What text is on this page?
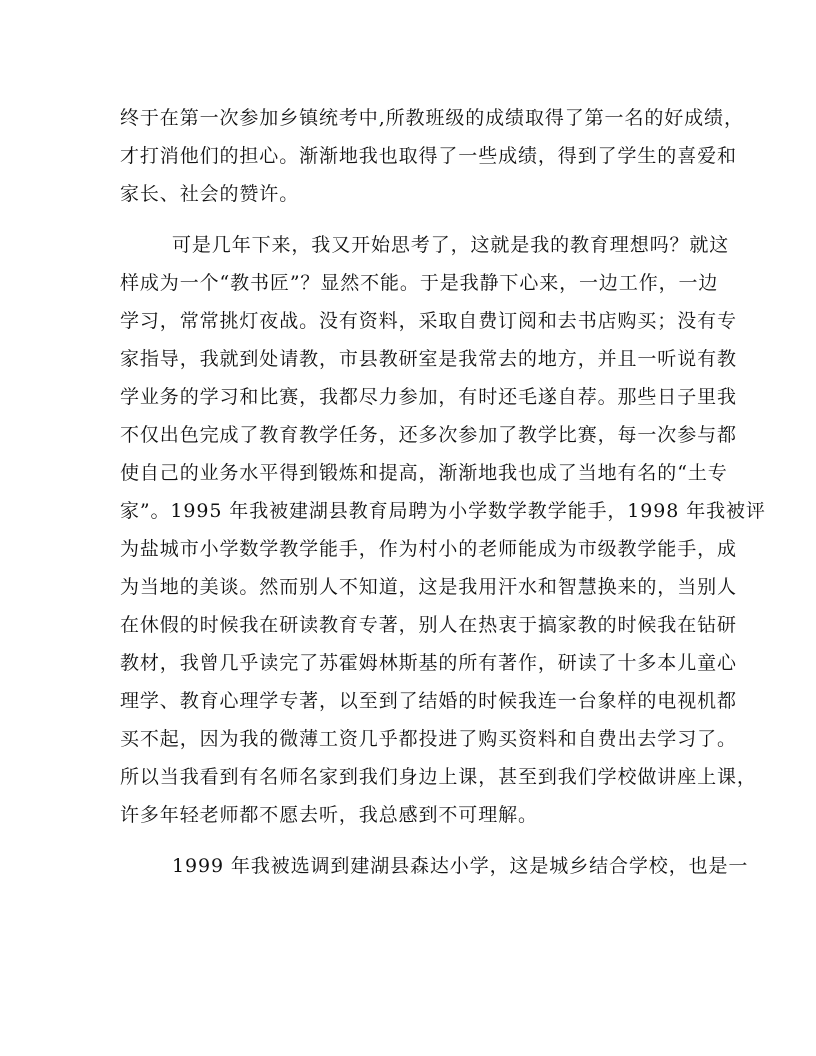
终于在第一次参加乡镇统考中,所教班级的成绩取得了第一名的好成绩，
才打消他们的担心。渐渐地我也取得了一些成绩，得到了学生的喜爱和
家长、社会的赞许。
可是几年下来，我又开始思考了，这就是我的教育理想吗？就这
样成为一个“教书匠”？显然不能。于是我静下心来，一边工作，一边
学习，常常挑灯夜战。没有资料，采取自费订阅和去书店购买；没有专
家指导，我就到处请教，市县教研室是我常去的地方，并且一听说有教
学业务的学习和比赛，我都尽力参加，有时还毛遂自荐。那些日子里我
不仅出色完成了教育教学任务，还多次参加了教学比赛，每一次参与都
使自己的业务水平得到锻炼和提高，渐渐地我也成了当地有名的“土专
家”。1995 年我被建湖县教育局聘为小学数学教学能手，1998 年我被评
为盐城市小学数学教学能手，作为村小的老师能成为市级教学能手，成
为当地的美谈。然而别人不知道，这是我用汗水和智慧换来的，当别人
在休假的时候我在研读教育专著，别人在热衷于搞家教的时候我在钻研
教材，我曾几乎读完了苏霍姆林斯基的所有著作，研读了十多本儿童心
理学、教育心理学专著，以至到了结婚的时候我连一台象样的电视机都
买不起，因为我的微薄工资几乎都投进了购买资料和自费出去学习了。
所以当我看到有名师名家到我们身边上课，甚至到我们学校做讲座上课，
许多年轻老师都不愿去听，我总感到不可理解。
1999 年我被选调到建湖县森达小学，这是城乡结合学校，也是一
